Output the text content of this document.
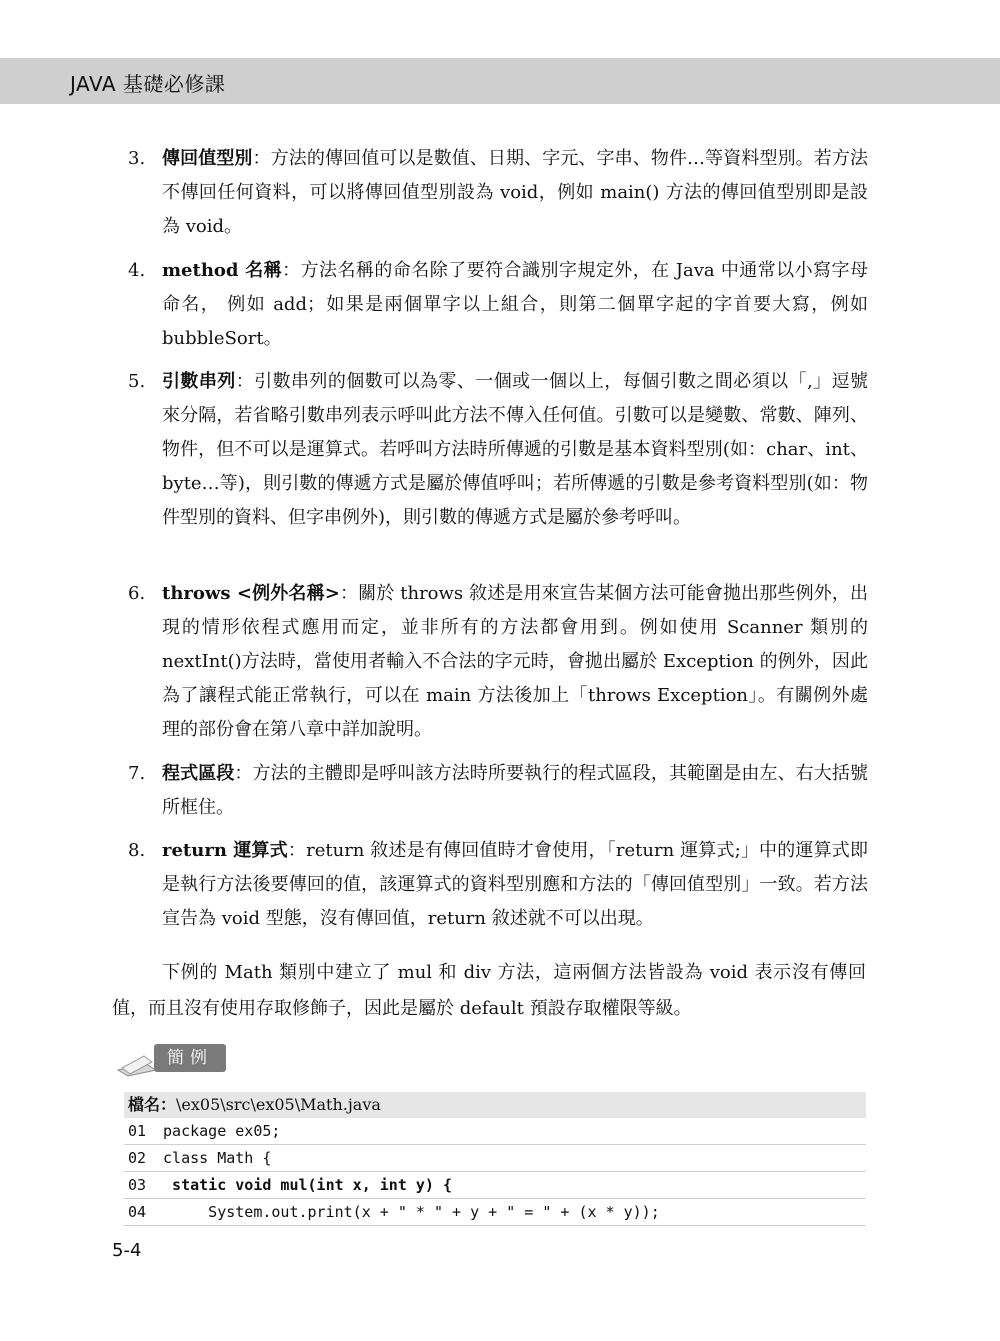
JAVA 基礎必修課
3. 傳回值型別：方法的傳回值可以是數值、日期、字元、字串、物件…等資料型別。若方法不傳回任何資料，可以將傳回值型別設為 void，例如 main() 方法的傳回值型別即是設為 void。
4. method 名稱：方法名稱的命名除了要符合識別字規定外，在 Java 中通常以小寫字母命名， 例如 add；如果是兩個單字以上組合，則第二個單字起的字首要大寫，例如 bubbleSort。
5. 引數串列：引數串列的個數可以為零、一個或一個以上，每個引數之間必須以「,」逗號來分隔，若省略引數串列表示呼叫此方法不傳入任何值。引數可以是變數、常數、陣列、物件，但不可以是運算式。若呼叫方法時所傳遞的引數是基本資料型別(如：char、int、byte…等)，則引數的傳遞方式是屬於傳值呼叫；若所傳遞的引數是參考資料型別(如：物件型別的資料、但字串例外)，則引數的傳遞方式是屬於參考呼叫。
6. throws <例外名稱>：關於 throws 敘述是用來宣告某個方法可能會拋出那些例外，出現的情形依程式應用而定，並非所有的方法都會用到。例如使用 Scanner 類別的 nextInt()方法時，當使用者輸入不合法的字元時，會拋出屬於 Exception 的例外，因此為了讓程式能正常執行，可以在 main 方法後加上「throws Exception」。有關例外處理的部份會在第八章中詳加說明。
7. 程式區段：方法的主體即是呼叫該方法時所要執行的程式區段，其範圍是由左、右大括號所框住。
8. return 運算式：return 敘述是有傳回值時才會使用，「return 運算式;」中的運算式即是執行方法後要傳回的值，該運算式的資料型別應和方法的「傳回值型別」一致。若方法宣告為 void 型態，沒有傳回值，return 敘述就不可以出現。
下例的 Math 類別中建立了 mul 和 div 方法，這兩個方法皆設為 void 表示沒有傳回值，而且沒有使用存取修飾子，因此是屬於 default 預設存取權限等級。
簡例
檔名：\ex05\src\ex05\Math.java
01 package ex05;
02 class Math {
03  static void mul(int x, int y) {
04      System.out.print(x + " * " + y + " = " + (x * y));
5-4
